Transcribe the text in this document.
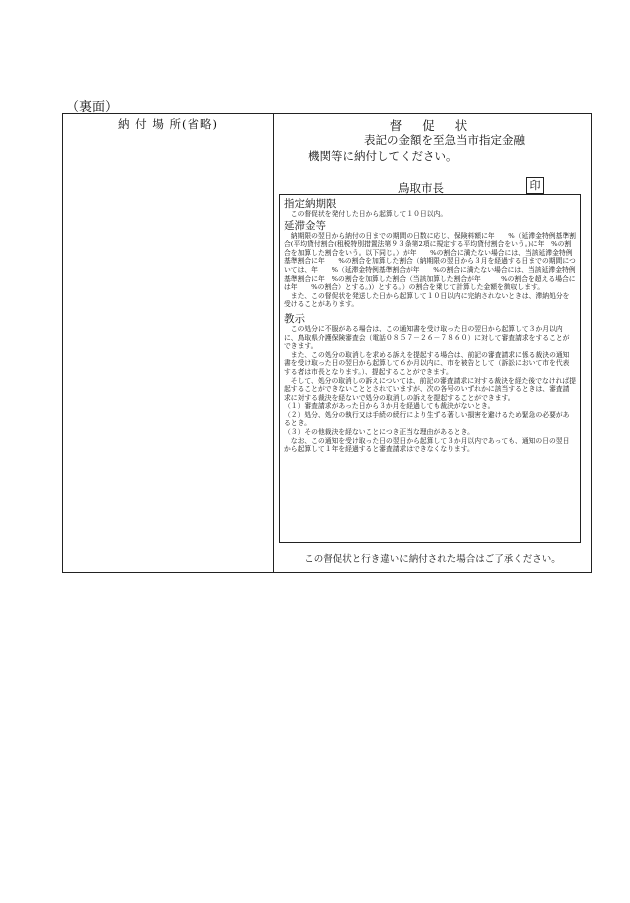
（裏面）
納 付 場 所(省略)	督 促 状
表記の金額を至急当市指定金融
機関等に納付してください。
鳥取市長	印
指定納期限

　この督促状を発付した日から起算して１０日以内。

延滞金等

　納期限の翌日から納付の日までの期間の日数に応じ、保険料額に年　　%（延滞金特例基準割合(平均貸付割合(租税特別措置法第９３条第2項に規定する平均貸付割合をいう。)に年　%の割合を加算した割合をいう。以下同じ。）が年　　%の割合に満たない場合には、当該延滞金特例基準割合に年　　%の割合を加算した割合（納期限の翌日から３月を経過する日までの期間については、年　　%（延滞金特例基準割合が年　　%の割合に満たない場合には、当該延滞金特例基準割合に年　%の割合を加算した割合（当該加算した割合が年　　　%の割合を超える場合には年　　%の割合）とする。)）とする。）の割合を乗じて計算した金額を徴収します。

　また、この督促状を発送した日から起算して１０日以内に完納されないときは、滞納処分を受けることがあります。

教示

　この処分に不服がある場合は、この通知書を受け取った日の翌日から起算して３か月以内に、鳥取県介護保険審査会（電話０８５７－２６－７８６０）に対して審査請求をすることができます。

　また、この処分の取消しを求める訴えを提起する場合は、前記の審査請求に係る裁決の通知書を受け取った日の翌日から起算して６か月以内に、市を被告として（訴訟において市を代表する者は市長となります。）、提起することができます。

　そして、処分の取消しの訴えについては、前記の審査請求に対する裁決を経た後でなければ提起することができないこととされていますが、次の各号のいずれかに該当するときは、審査請求に対する裁決を経ないで処分の取消しの訴えを提起することができます。

（１）審査請求があった日から３か月を経過しても裁決がないとき。

（２）処分、処分の執行又は手続の続行により生ずる著しい損害を避けるため緊急の必要があるとき。

（３）その他裁決を経ないことにつき正当な理由があるとき。

　なお、この通知を受け取った日の翌日から起算して３か月以内であっても、通知の日の翌日から起算して１年を経過すると審査請求はできなくなります。

この督促状と行き違いに納付された場合はご了承ください。
